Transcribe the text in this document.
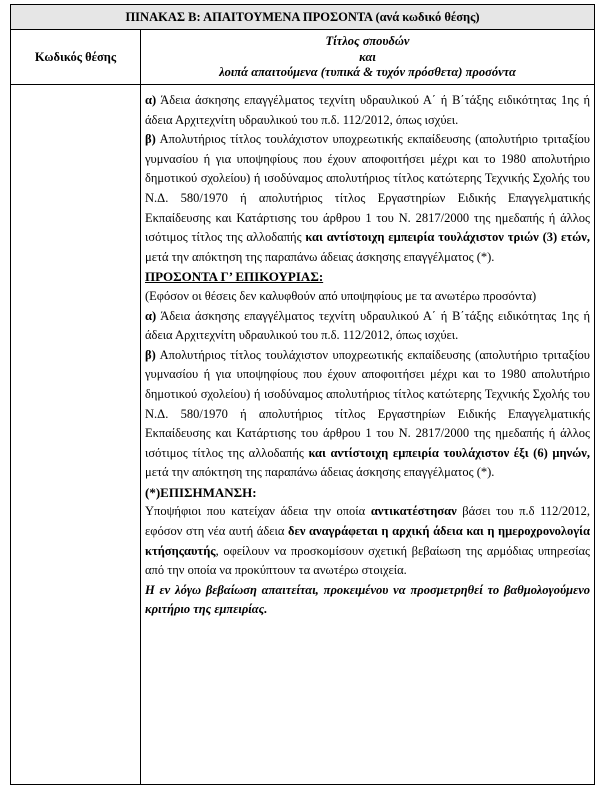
ΠΙΝΑΚΑΣ Β: ΑΠΑΙΤΟΥΜΕΝΑ ΠΡΟΣΟΝΤΑ (ανά κωδικό θέσης)
Κωδικός θέσης
Τίτλος σπουδών
και
λοιπά απαιτούμενα (τυπικά & τυχόν πρόσθετα) προσόντα

α) Άδεια άσκησης επαγγέλματος τεχνίτη υδραυλικού Α΄ ή Β΄τάξης ειδικότητας 1ης ή άδεια Αρχιτεχνίτη υδραυλικού του π.δ. 112/2012, όπως ισχύει.

β) Απολυτήριος τίτλος τουλάχιστον υποχρεωτικής εκπαίδευσης (απολυτήριο τριταξίου γυμνασίου ή για υποψηφίους που έχουν αποφοιτήσει μέχρι και το 1980 απολυτήριο δημοτικού σχολείου) ή ισοδύναμος απολυτήριος τίτλος κατώτερης Τεχνικής Σχολής του Ν.Δ. 580/1970 ή απολυτήριος τίτλος Εργαστηρίων Ειδικής Επαγγελματικής Εκπαίδευσης και Κατάρτισης του άρθρου 1 του Ν. 2817/2000 της ημεδαπής ή άλλος ισότιμος τίτλος της αλλοδαπής και αντίστοιχη εμπειρία τουλάχιστον τριών (3) ετών, μετά την απόκτηση της παραπάνω άδειας άσκησης επαγγέλματος (*).

ΠΡΟΣΟΝΤΑ Γ’ ΕΠΙΚΟΥΡΙΑΣ:

(Εφόσον οι θέσεις δεν καλυφθούν από υποψηφίους με τα ανωτέρω προσόντα)

α) Άδεια άσκησης επαγγέλματος τεχνίτη υδραυλικού Α΄ ή Β΄τάξης ειδικότητας 1ης ή άδεια Αρχιτεχνίτη υδραυλικού του π.δ. 112/2012, όπως ισχύει.

β) Απολυτήριος τίτλος τουλάχιστον υποχρεωτικής εκπαίδευσης (απολυτήριο τριταξίου γυμνασίου ή για υποψηφίους που έχουν αποφοιτήσει μέχρι και το 1980 απολυτήριο δημοτικού σχολείου) ή ισοδύναμος απολυτήριος τίτλος κατώτερης Τεχνικής Σχολής του Ν.Δ. 580/1970 ή απολυτήριος τίτλος Εργαστηρίων Ειδικής Επαγγελματικής Εκπαίδευσης και Κατάρτισης του άρθρου 1 του Ν. 2817/2000 της ημεδαπής ή άλλος ισότιμος τίτλος της αλλοδαπής και αντίστοιχη εμπειρία τουλάχιστον έξι (6) μηνών, μετά την απόκτηση της παραπάνω άδειας άσκησης επαγγέλματος (*).

(*)ΕΠΙΣΗΜΑΝΣΗ:

Υποψήφιοι που κατείχαν άδεια την οποία αντικατέστησαν βάσει του π.δ 112/2012, εφόσον στη νέα αυτή άδεια δεν αναγράφεται η αρχική άδεια και η ημεροχρονολογία κτήσηςαυτής, οφείλουν να προσκομίσουν σχετική βεβαίωση της αρμόδιας υπηρεσίας από την οποία να προκύπτουν τα ανωτέρω στοιχεία.

Η εν λόγω βεβαίωση απαιτείται, προκειμένου να προσμετρηθεί το βαθμολογούμενο κριτήριο της εμπειρίας.
